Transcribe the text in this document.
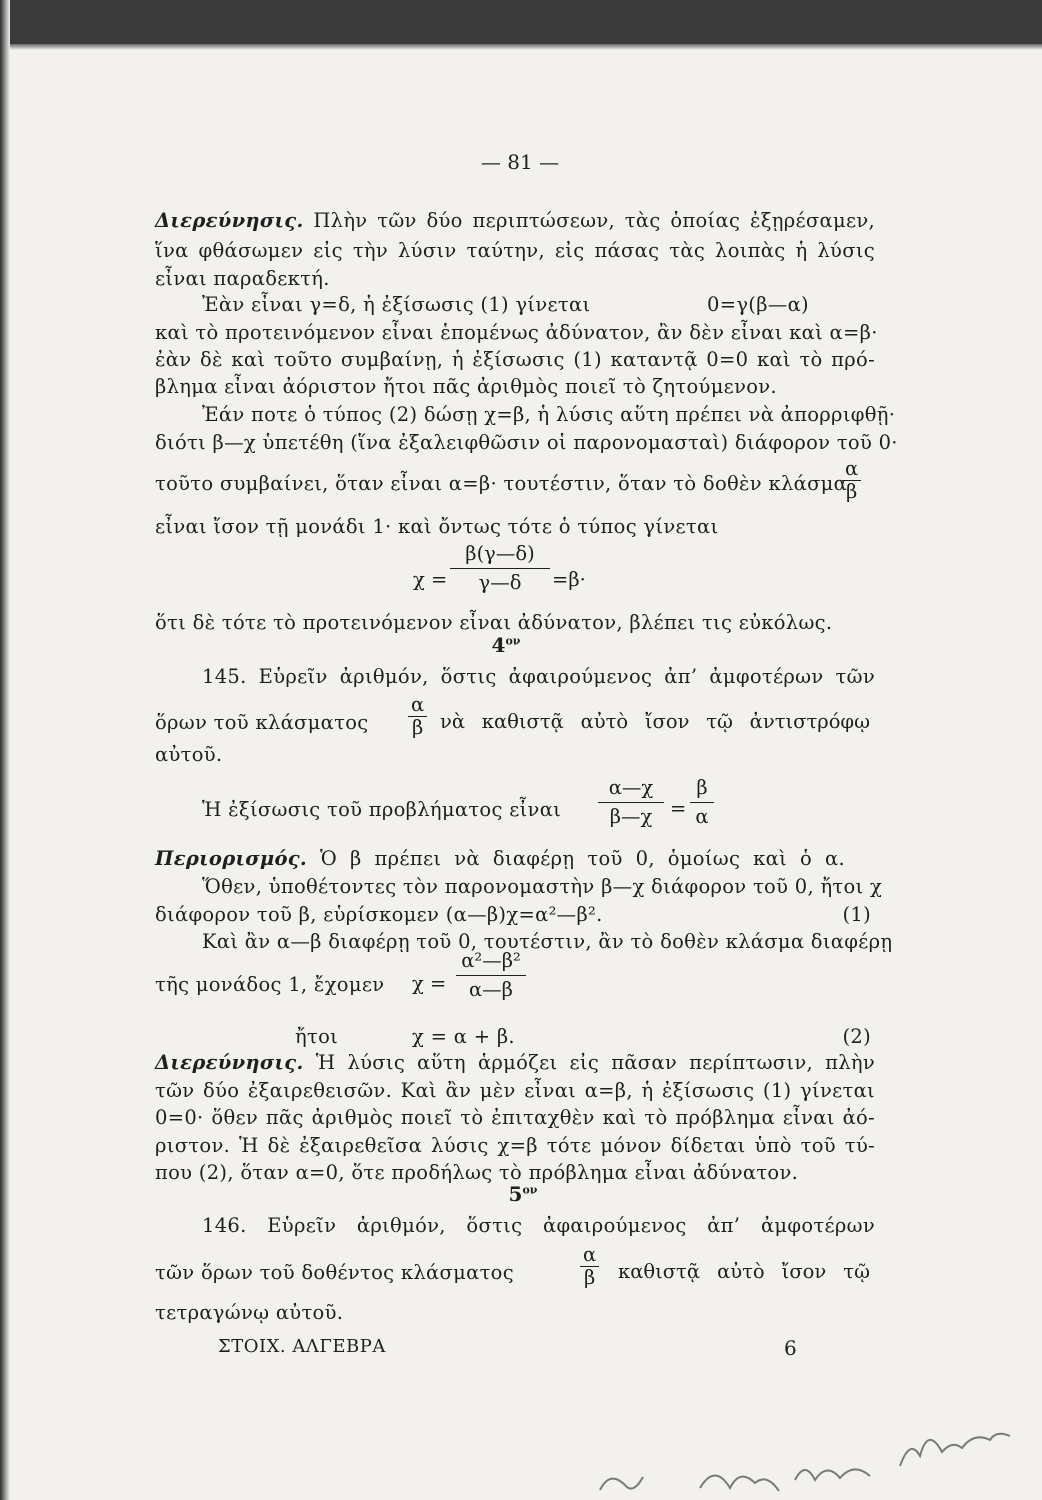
— 81 —
Διερεύνησις. Πλὴν τῶν δύο περιπτώσεων, τὰς ὁποίας ἐξῃρέσαμεν,
ἵνα φθάσωμεν εἰς τὴν λύσιν ταύτην, εἰς πάσας τὰς λοιπὰς ἡ λύσις
εἶναι παραδεκτή.
Ἐὰν εἶναι γ=δ, ἡ ἐξίσωσις (1) γίνεται	0=γ(β—α)
καὶ τὸ προτεινόμενον εἶναι ἑπομένως ἀδύνατον, ἂν δὲν εἶναι καὶ α=β·
ἐὰν δὲ καὶ τοῦτο συμβαίνῃ, ἡ ἐξίσωσις (1) καταντᾷ 0=0 καὶ τὸ πρό-
βλημα εἶναι ἀόριστον ἤτοι πᾶς ἀριθμὸς ποιεῖ τὸ ζητούμενον.
Ἐάν ποτε ὁ τύπος (2) δώσῃ χ=β, ἡ λύσις αὕτη πρέπει νὰ ἀπορριφθῇ·
διότι β—χ ὑπετέθη (ἵνα ἐξαλειφθῶσιν οἱ παρονομασταὶ) διάφορον τοῦ 0·
τοῦτο συμβαίνει, ὅταν εἶναι α=β· τουτέστιν, ὅταν τὸ δοθὲν κλάσμα
$\frac{\alpha}{\beta}$
εἶναι ἴσον τῇ μονάδι 1· καὶ ὄντως τότε ὁ τύπος γίνεται
$\chi = \frac{\beta(\gamma—\delta)}{\gamma—\delta} =\beta\cdot$
ὅτι δὲ τότε τὸ προτεινόμενον εἶναι ἀδύνατον, βλέπει τις εὐκόλως.
$4^{o\nu}$
145. Εὑρεῖν ἀριθμόν, ὅστις ἀφαιρούμενος ἀπ’ ἀμφοτέρων τῶν
ὅρων τοῦ κλάσματος	$\frac{\alpha}{\beta}$ νὰ καθιστᾷ αὐτὸ ἴσον τῷ ἀντιστρόφῳ
αὐτοῦ.
Ἡ ἐξίσωσις τοῦ προβλήματος εἶναι	$\frac{\alpha—\chi}{\beta—\chi} = \frac{\beta}{\alpha}$
Περιορισμός. Ὁ β πρέπει νὰ διαφέρῃ τοῦ 0, ὁμοίως καὶ ὁ α.
Ὅθεν, ὑποθέτοντες τὸν παρονομαστὴν β—χ διάφορον τοῦ 0, ἤτοι χ
διάφορον τοῦ β, εὑρίσκομεν (α—β)χ=α²—β².	(1)
Καὶ ἂν α—β διαφέρῃ τοῦ 0, τουτέστιν, ἂν τὸ δοθὲν κλάσμα διαφέρῃ
τῆς μονάδος 1, ἔχομεν	$\chi = \frac{\text{α²—β²}}{\alpha—\beta}$
ἤτοι	χ = α + β.	(2)
Διερεύνησις. Ἡ λύσις αὕτη ἁρμόζει εἰς πᾶσαν περίπτωσιν, πλὴν
τῶν δύο ἐξαιρεθεισῶν. Καὶ ἂν μὲν εἶναι α=β, ἡ ἐξίσωσις (1) γίνεται
0=0· ὅθεν πᾶς ἀριθμὸς ποιεῖ τὸ ἐπιταχθὲν καὶ τὸ πρόβλημα εἶναι ἀό-
ριστον. Ἡ δὲ ἐξαιρεθεῖσα λύσις χ=β τότε μόνον δίδεται ὑπὸ τοῦ τύ-
που (2), ὅταν α=0, ὅτε προδήλως τὸ πρόβλημα εἶναι ἀδύνατον.
$5^{o\nu}$
146. Εὑρεῖν ἀριθμόν, ὅστις ἀφαιρούμενος ἀπ’ ἀμφοτέρων
τῶν ὅρων τοῦ δοθέντος κλάσματος	$\frac{\alpha}{\beta}$ καθιστᾷ αὐτὸ ἴσον τῷ
τετραγώνῳ αὐτοῦ.
ΣΤΟΙΧ. ΑΛΓΕΒΡΑ	6
